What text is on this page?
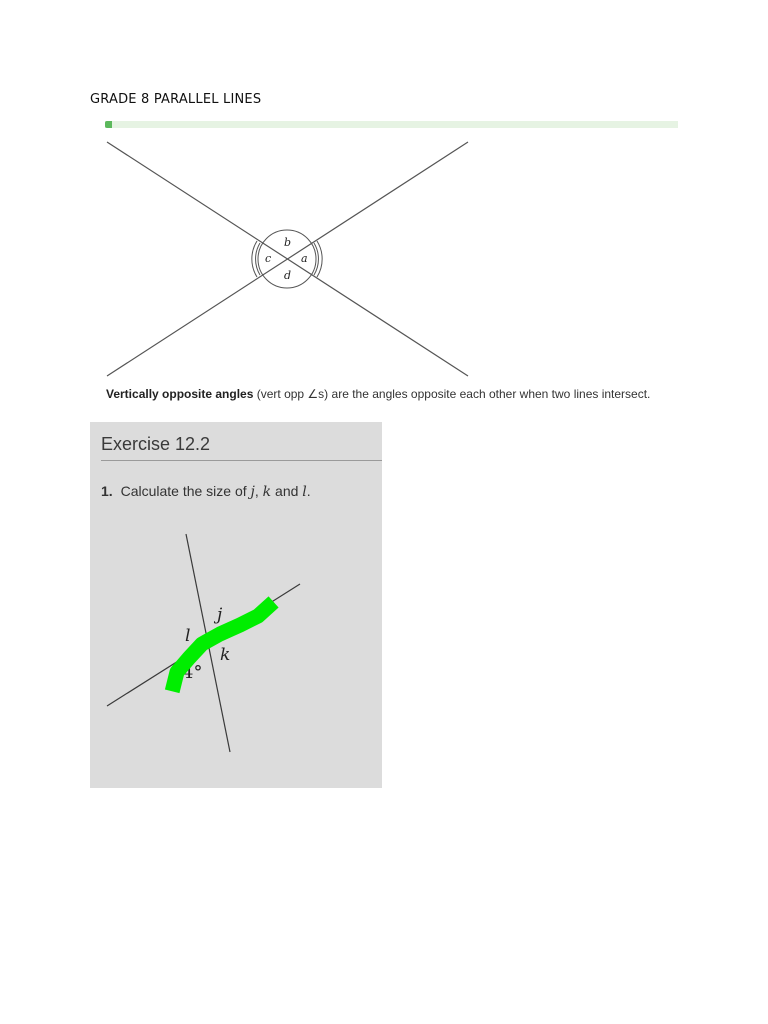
GRADE 8 PARALLEL LINES
b
a
c
d
Vertically opposite angles (vert opp ∠s) are the angles opposite each other when two lines intersect.
Exercise 12.2
1. Calculate the size of j, k and l.
j
l
k
4°
